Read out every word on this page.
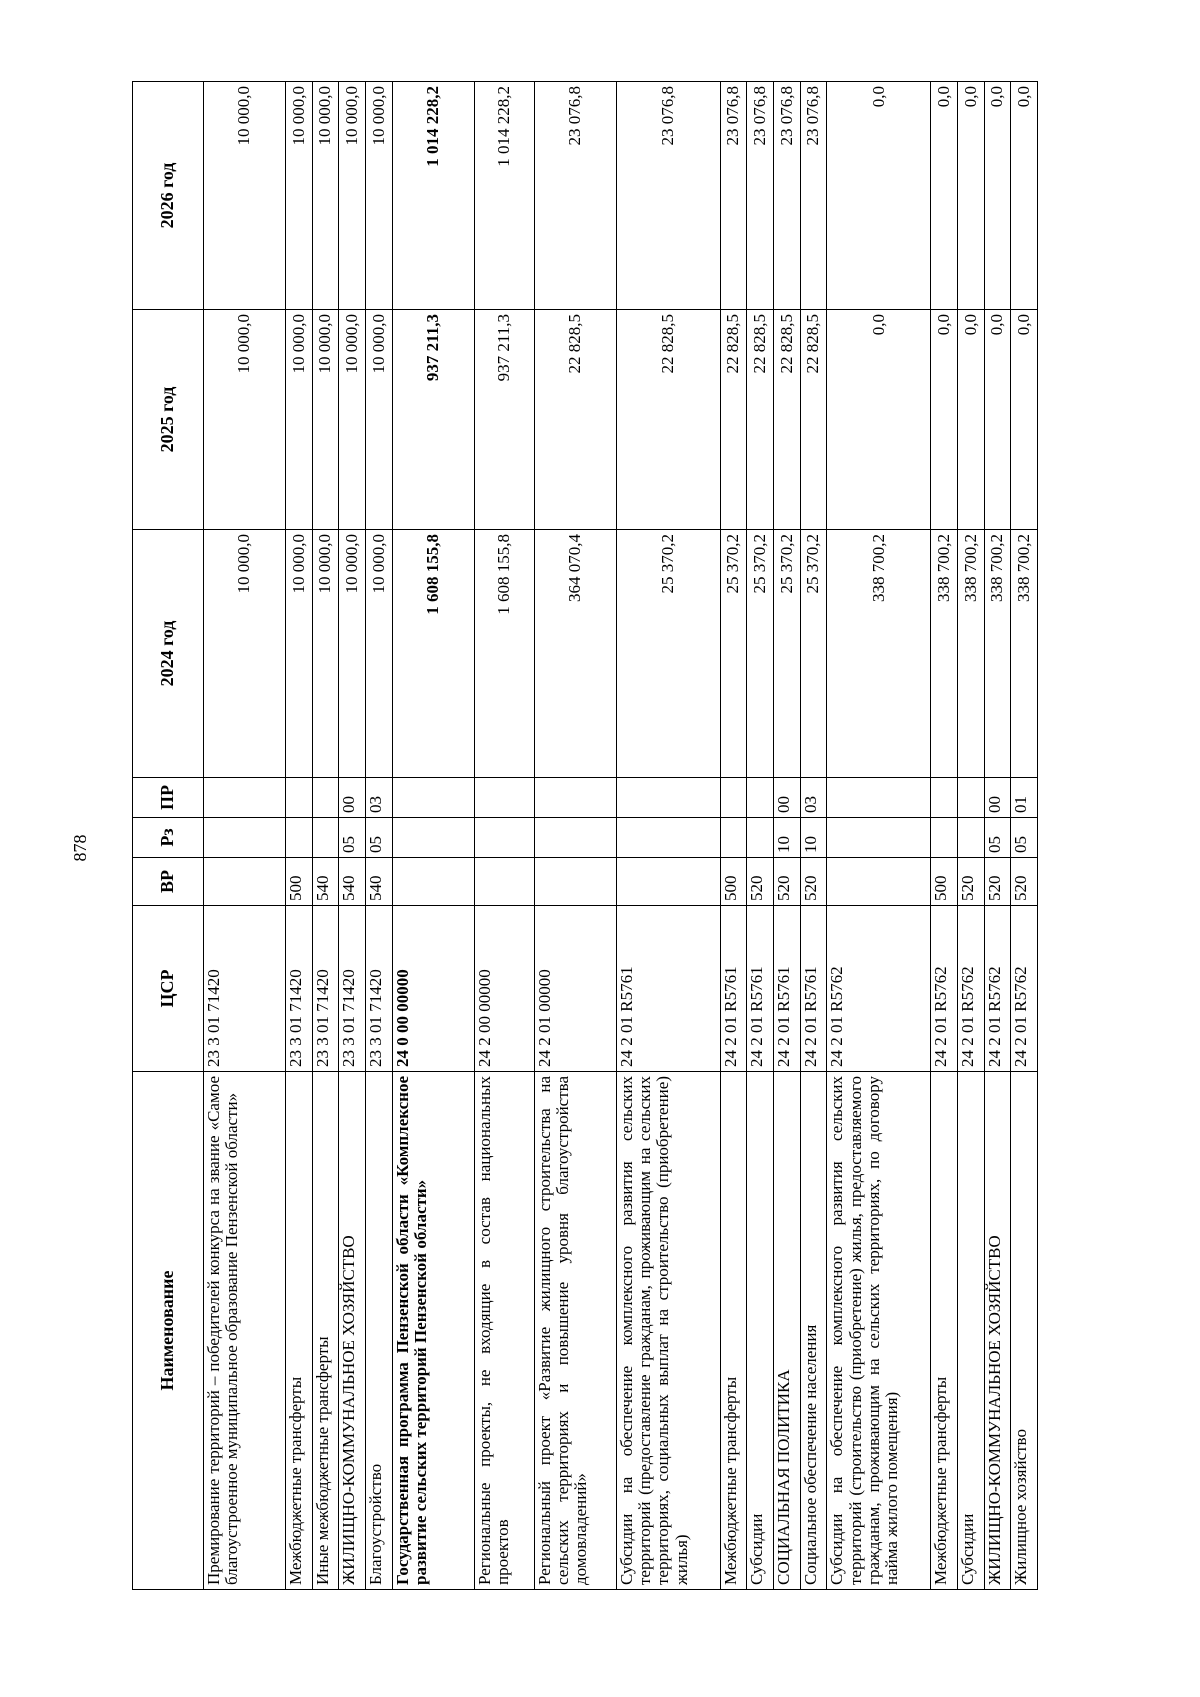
878
Наименование	ЦСР	ВР	Рз	ПР	2024 год	2025 год	2026 год
Премирование территорий – победителей конкурса на звание «Самое благоустроенное муниципальное образование Пензенской области»	23 3 01 71420				10 000,0	10 000,0	10 000,0
Межбюджетные трансферты	23 3 01 71420	500			10 000,0	10 000,0	10 000,0
Иные межбюджетные трансферты	23 3 01 71420	540			10 000,0	10 000,0	10 000,0
ЖИЛИЩНО-КОММУНАЛЬНОЕ ХОЗЯЙСТВО	23 3 01 71420	540	05	00	10 000,0	10 000,0	10 000,0
Благоустройство	23 3 01 71420	540	05	03	10 000,0	10 000,0	10 000,0
Государственная программа Пензенской области «Комплексное развитие сельских территорий Пензенской области»	24 0 00 00000				1 608 155,8	937 211,3	1 014 228,2
Региональные проекты, не входящие в состав национальных проектов	24 2 00 00000				1 608 155,8	937 211,3	1 014 228,2
Региональный проект «Развитие жилищного строительства на сельских территориях и повышение уровня благоустройства домовладений»	24 2 01 00000				364 070,4	22 828,5	23 076,8
Субсидии на обеспечение комплексного развития сельских территорий (предоставление гражданам, проживающим на сельских территориях, социальных выплат на строительство (приобретение) жилья)	24 2 01 R5761				25 370,2	22 828,5	23 076,8
Межбюджетные трансферты	24 2 01 R5761	500			25 370,2	22 828,5	23 076,8
Субсидии	24 2 01 R5761	520			25 370,2	22 828,5	23 076,8
СОЦИАЛЬНАЯ ПОЛИТИКА	24 2 01 R5761	520	10	00	25 370,2	22 828,5	23 076,8
Социальное обеспечение населения	24 2 01 R5761	520	10	03	25 370,2	22 828,5	23 076,8
Субсидии на обеспечение комплексного развития сельских территорий (строительство (приобретение) жилья, предоставляемого гражданам, проживающим на сельских территориях, по договору найма жилого помещения)	24 2 01 R5762				338 700,2	0,0	0,0
Межбюджетные трансферты	24 2 01 R5762	500			338 700,2	0,0	0,0
Субсидии	24 2 01 R5762	520			338 700,2	0,0	0,0
ЖИЛИЩНО-КОММУНАЛЬНОЕ ХОЗЯЙСТВО	24 2 01 R5762	520	05	00	338 700,2	0,0	0,0
Жилищное хозяйство	24 2 01 R5762	520	05	01	338 700,2	0,0	0,0
